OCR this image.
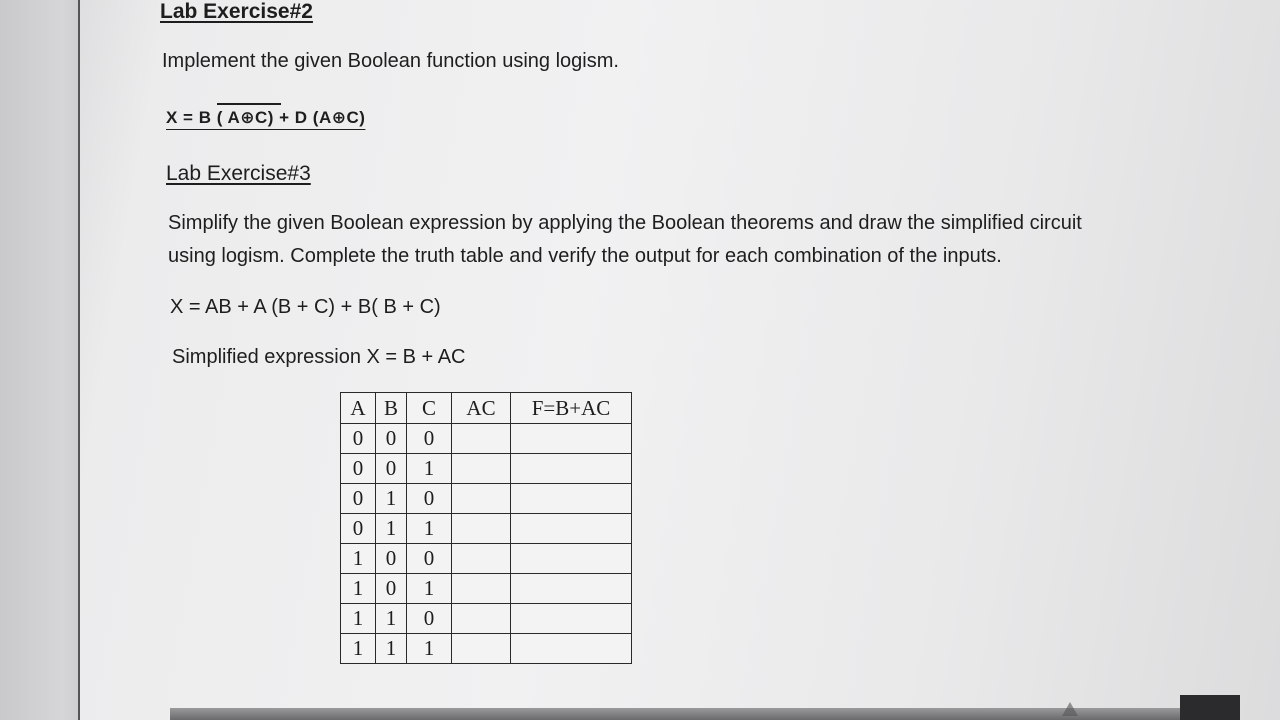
Lab Exercise#2
Implement the given Boolean function using logism.
X = B ( A⊕C) + D (A⊕C)
Lab Exercise#3
Simplify the given Boolean expression by applying the Boolean theorems and draw the simplified circuit
using logism. Complete the truth table and verify the output for each combination of the inputs.
X = AB + A (B + C) + B( B + C)
Simplified expression X = B + AC
A	B	C	AC	F=B+AC
0	0	0		
0	0	1		
0	1	0		
0	1	1		
1	0	0		
1	0	1		
1	1	0		
1	1	1		
